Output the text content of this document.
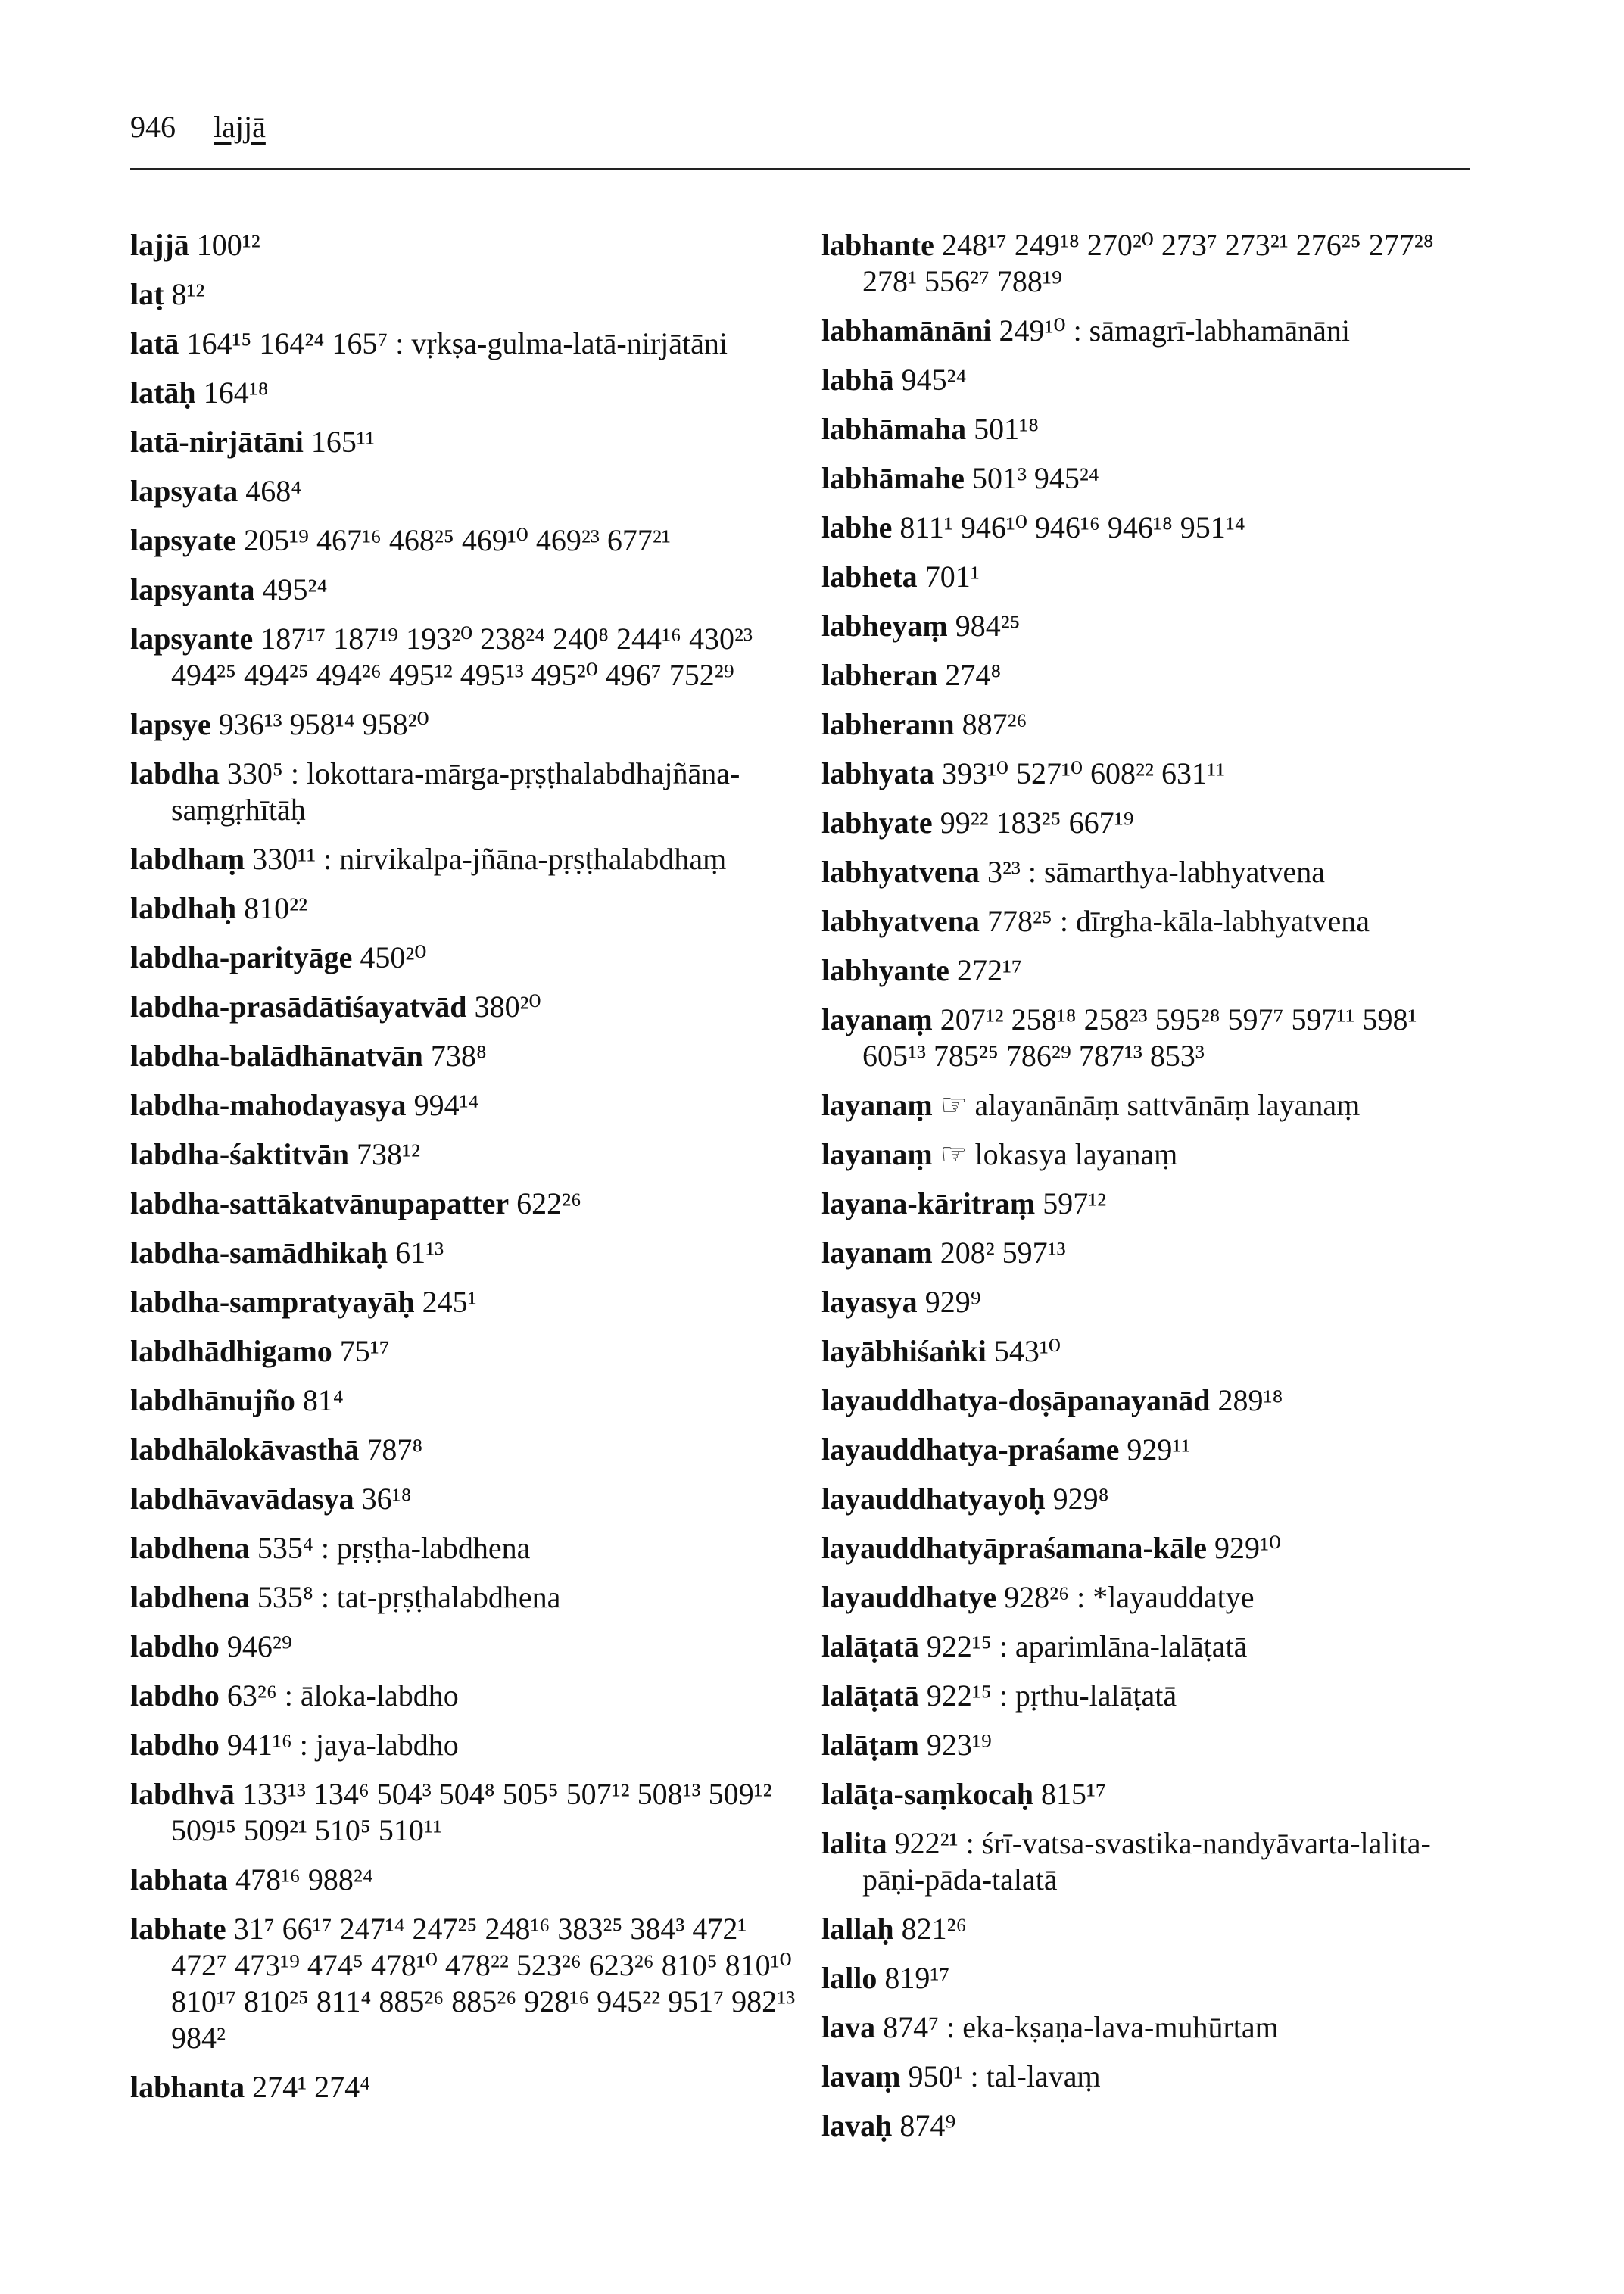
946 lajjā
lajjā 100¹²
laṭ 8¹²
latā 164¹⁵ 164²⁴ 165⁷ : vṛkṣa-gulma-latā-nirjātāni
latāḥ 164¹⁸
latā-nirjātāni 165¹¹
lapsyata 468⁴
lapsyate 205¹⁹ 467¹⁶ 468²⁵ 469¹⁰ 469²³ 677²¹
lapsyanta 495²⁴
lapsyante 187¹⁷ 187¹⁹ 193²⁰ 238²⁴ 240⁸ 244¹⁶ 430²³ 494²⁵ 494²⁵ 494²⁶ 495¹² 495¹³ 495²⁰ 496⁷ 752²⁹
lapsye 936¹³ 958¹⁴ 958²⁰
labdha 330⁵ : lokottara-mārga-pṛṣṭhalabdhajñāna-saṃgṛhītāḥ
labdhaṃ 330¹¹ : nirvikalpa-jñāna-pṛṣṭhalabdhaṃ
labdhaḥ 810²²
labdha-parityāge 450²⁰
labdha-prasādātiśayatvād 380²⁰
labdha-balādhānatvān 738⁸
labdha-mahodayasya 994¹⁴
labdha-śaktitvān 738¹²
labdha-sattākatvānupapatter 622²⁶
labdha-samādhikaḥ 61¹³
labdha-sampratyayāḥ 245¹
labdhādhigamo 75¹⁷
labdhānujño 81⁴
labdhālokāvasthā 787⁸
labdhāvavādasya 36¹⁸
labdhena 535⁴ : pṛṣṭha-labdhena
labdhena 535⁸ : tat-pṛṣṭhalabdhena
labdho 946²⁹
labdho 63²⁶ : āloka-labdho
labdho 941¹⁶ : jaya-labdho
labdhvā 133¹³ 134⁶ 504³ 504⁸ 505⁵ 507¹² 508¹³ 509¹² 509¹⁵ 509²¹ 510⁵ 510¹¹
labhata 478¹⁶ 988²⁴
labhate 31⁷ 66¹⁷ 247¹⁴ 247²⁵ 248¹⁶ 383²⁵ 384³ 472¹ 472⁷ 473¹⁹ 474⁵ 478¹⁰ 478²² 523²⁶ 623²⁶ 810⁵ 810¹⁰ 810¹⁷ 810²⁵ 811⁴ 885²⁶ 885²⁶ 928¹⁶ 945²² 951⁷ 982¹³ 984²
labhanta 274¹ 274⁴
labhante 248¹⁷ 249¹⁸ 270²⁰ 273⁷ 273²¹ 276²⁵ 277²⁸ 278¹ 556²⁷ 788¹⁹
labhamānāni 249¹⁰ : sāmagrī-labhamānāni
labhā 945²⁴
labhāmaha 501¹⁸
labhāmahe 501³ 945²⁴
labhe 811¹ 946¹⁰ 946¹⁶ 946¹⁸ 951¹⁴
labheta 701¹
labheyaṃ 984²⁵
labheran 274⁸
labherann 887²⁶
labhyata 393¹⁰ 527¹⁰ 608²² 631¹¹
labhyate 99²² 183²⁵ 667¹⁹
labhyatvena 3²³ : sāmarthya-labhyatvena
labhyatvena 778²⁵ : dīrgha-kāla-labhyatvena
labhyante 272¹⁷
layanaṃ 207¹² 258¹⁸ 258²³ 595²⁸ 597⁷ 597¹¹ 598¹ 605¹³ 785²⁵ 786²⁹ 787¹³ 853³
layanaṃ ☞ alayanānāṃ sattvānāṃ layanaṃ
layanaṃ ☞ lokasya layanaṃ
layana-kāritraṃ 597¹²
layanam 208² 597¹³
layasya 929⁹
layābhiśaṅki 543¹⁰
layauddhatya-doṣāpanayanād 289¹⁸
layauddhatya-praśame 929¹¹
layauddhatyayoḥ 929⁸
layauddhatyāpraśamana-kāle 929¹⁰
layauddhatye 928²⁶ : *layauddatye
lalāṭatā 922¹⁵ : aparimlāna-lalāṭatā
lalāṭatā 922¹⁵ : pṛthu-lalāṭatā
lalāṭam 923¹⁹
lalāṭa-saṃkocaḥ 815¹⁷
lalita 922²¹ : śrī-vatsa-svastika-nandyāvarta-lalita-pāṇi-pāda-talatā
lallaḥ 821²⁶
lallo 819¹⁷
lava 874⁷ : eka-kṣaṇa-lava-muhūrtam
lavaṃ 950¹ : tal-lavaṃ
lavaḥ 874⁹
